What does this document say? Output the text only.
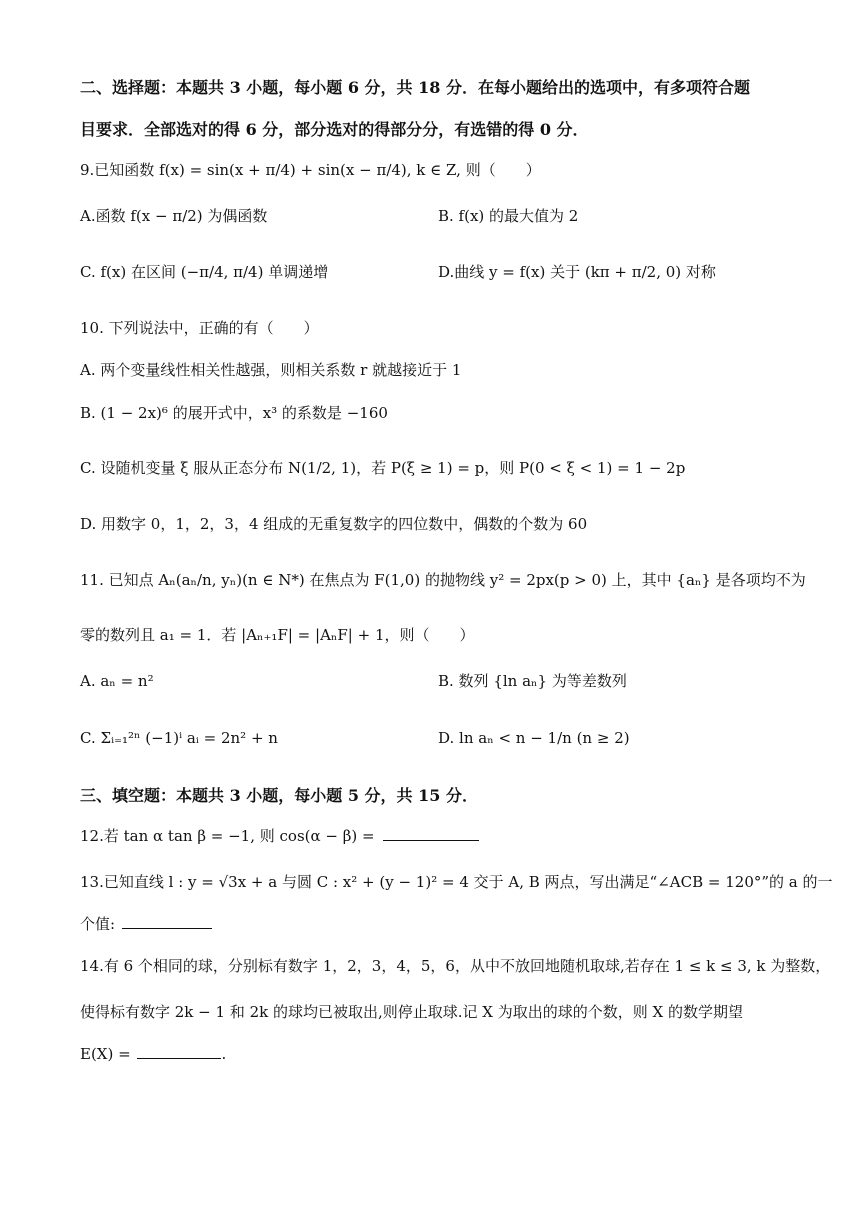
二、选择题：本题共 3 小题，每小题 6 分，共 18 分．在每小题给出的选项中，有多项符合题
目要求．全部选对的得 6 分，部分选对的得部分分，有选错的得 0 分．
9.已知函数 f(x) = sin(x + π/4) + sin(x − π/4), k ∈ Z, 则（　　）
A.函数 f(x − π/2) 为偶函数	B. f(x) 的最大值为 2
C. f(x) 在区间 (−π/4, π/4) 单调递增	D.曲线 y = f(x) 关于 (kπ + π/2, 0) 对称
10. 下列说法中，正确的有（　　）
A. 两个变量线性相关性越强，则相关系数 r 就越接近于 1
B. (1 − 2x)⁶ 的展开式中，x³ 的系数是 −160
C. 设随机变量 ξ 服从正态分布 N(1/2, 1)，若 P(ξ ≥ 1) = p，则 P(0 < ξ < 1) = 1 − 2p
D. 用数字 0，1，2，3，4 组成的无重复数字的四位数中，偶数的个数为 60
11. 已知点 Aₙ(aₙ/n, yₙ)(n ∈ N*) 在焦点为 F(1,0) 的抛物线 y² = 2px(p > 0) 上，其中 {aₙ} 是各项均不为
零的数列且 a₁ = 1．若 |Aₙ₊₁F| = |AₙF| + 1，则（　　）
A. aₙ = n²	B. 数列 {ln aₙ} 为等差数列
C. Σᵢ₌₁²ⁿ (−1)ⁱ aᵢ = 2n² + n	D. ln aₙ < n − 1/n (n ≥ 2)
三、填空题：本题共 3 小题，每小题 5 分，共 15 分．
12.若 tan α tan β = −1, 则 cos(α − β) =
13.已知直线 l : y = √3x + a 与圆 C : x² + (y − 1)² = 4 交于 A, B 两点，写出满足“∠ACB = 120°”的 a 的一
个值:
14.有 6 个相同的球，分别标有数字 1，2，3，4，5，6，从中不放回地随机取球,若存在 1 ≤ k ≤ 3, k 为整数，
使得标有数字 2k − 1 和 2k 的球均已被取出,则停止取球.记 X 为取出的球的个数，则 X 的数学期望
E(X) =	.
